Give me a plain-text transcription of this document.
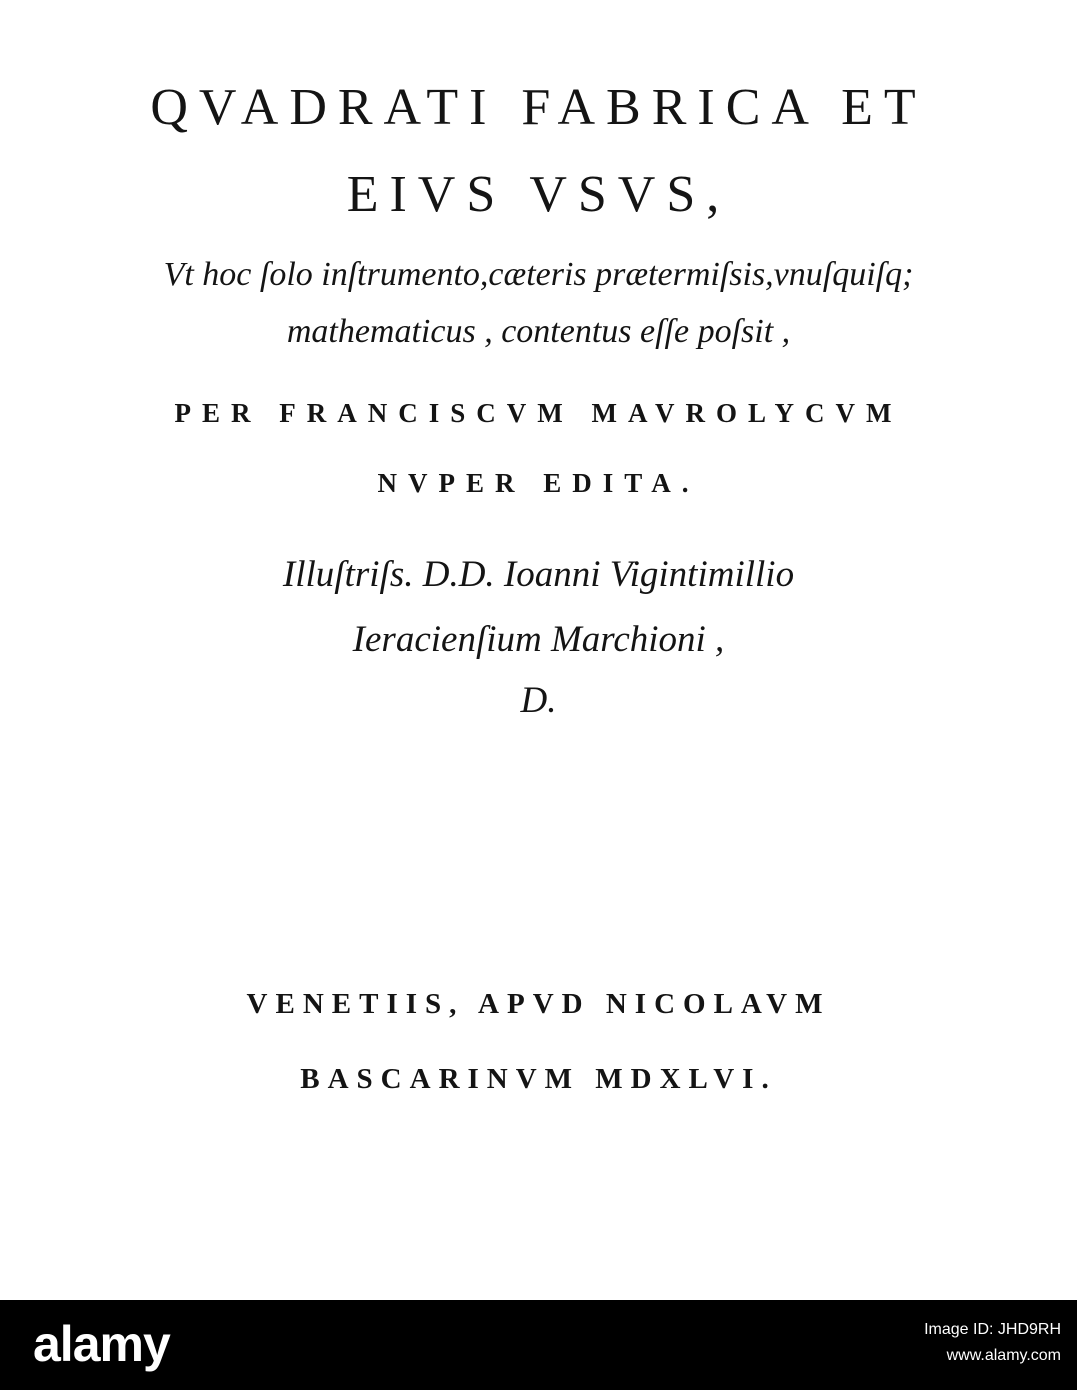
QVADRATI FABRICA ET
EIVS VSVS,
Vt hoc ſolo inſtrumento,cæteris prætermiſsis,vnuſquiſq;
mathematicus , contentus eſſe poſsit ,
PER FRANCISCVM MAVROLYCVM
NVPER EDITA.
Illuſtriſs. D.D. Ioanni Vigintimillio
Ieracienſium Marchioni ,
D.
VENETIIS, APVD NICOLAVM
BASCARINVM MDXLVI.
alamy	Image ID: JHD9RH
www.alamy.com
